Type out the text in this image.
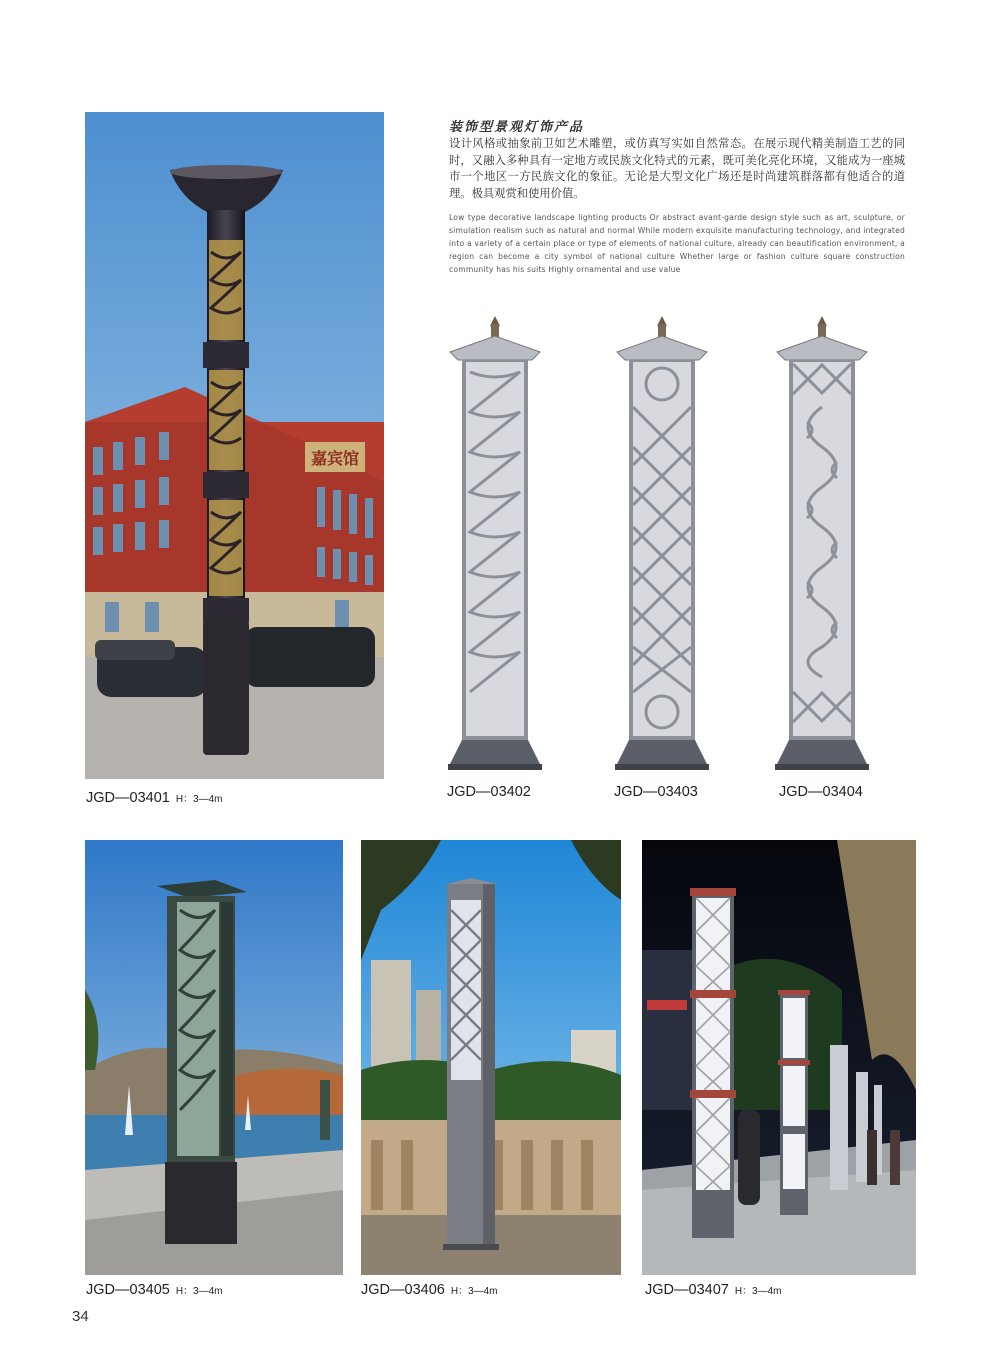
装饰型景观灯饰产品
设计风格或抽象前卫如艺术雕塑，或仿真写实如自然常态。在展示现代精美制造工艺的同时，又融入多种具有一定地方或民族文化特式的元素，既可美化亮化环境，又能成为一座城市一个地区一方民族文化的象征。无论是大型文化广场还是时尚建筑群落都有他适合的道理。极具观赏和使用价值。
Low type decorative landscape lighting products Or abstract avant-garde design style such as art, sculpture, or simulation realism such as natural and normal While modern exquisite manufacturing technology, and integrated into a variety of a certain place or type of elements of national culture, already can beautification environment, a region can become a city symbol of national culture Whether large or fashion culture square construction community has his suits Highly ornamental and use value
嘉宾馆
JGD—03401 H：3—4m	JGD—03402	JGD—03403	JGD—03404
JGD—03405 H：3—4m	JGD—03406 H：3—4m	JGD—03407 H：3—4m
34
